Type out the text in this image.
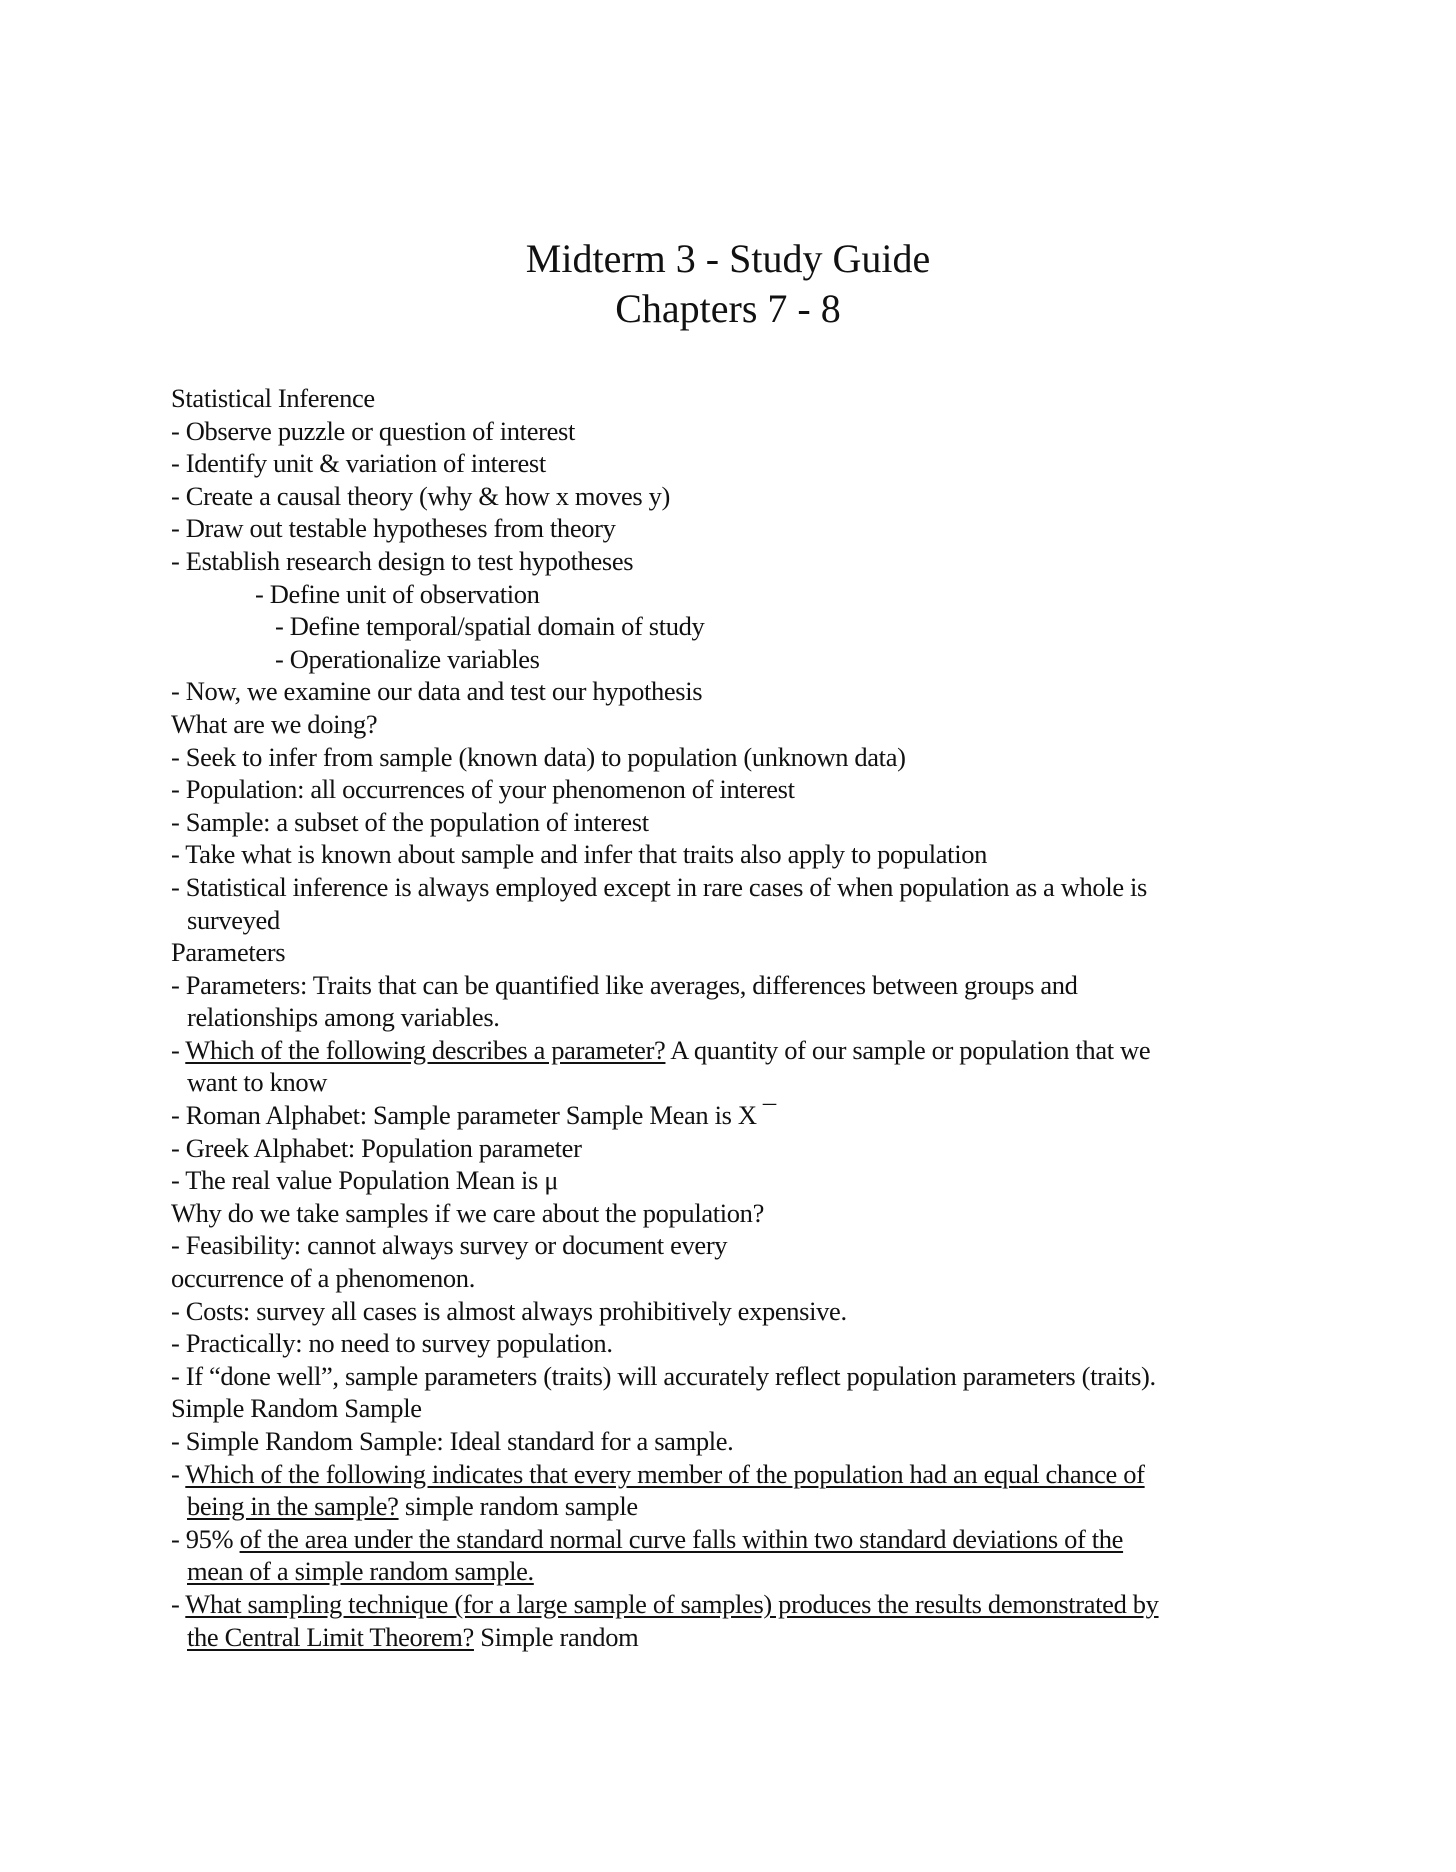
Midterm 3 - Study Guide
Chapters 7 - 8

Statistical Inference

- Observe puzzle or question of interest

- Identify unit & variation of interest

- Create a causal theory (why & how x moves y)

- Draw out testable hypotheses from theory

- Establish research design to test hypotheses

- Define unit of observation

- Define temporal/spatial domain of study

- Operationalize variables

- Now, we examine our data and test our hypothesis

What are we doing?

- Seek to infer from sample (known data) to population (unknown data)

- Population: all occurrences of your phenomenon of interest

- Sample: a subset of the population of interest

- Take what is known about sample and infer that traits also apply to population

- Statistical inference is always employed except in rare cases of when population as a whole is

surveyed

Parameters

- Parameters: Traits that can be quantified like averages, differences between groups and

relationships among variables.

- Which of the following describes a parameter? A quantity of our sample or population that we

want to know

- Roman Alphabet: Sample parameter Sample Mean is X ¯

- Greek Alphabet: Population parameter

- The real value Population Mean is μ

Why do we take samples if we care about the population?

- Feasibility: cannot always survey or document every

occurrence of a phenomenon.

- Costs: survey all cases is almost always prohibitively expensive.

- Practically: no need to survey population.

- If “done well”, sample parameters (traits) will accurately reflect population parameters (traits).

Simple Random Sample

- Simple Random Sample: Ideal standard for a sample.

- Which of the following indicates that every member of the population had an equal chance of

being in the sample? simple random sample

- 95% of the area under the standard normal curve falls within two standard deviations of the

mean of a simple random sample.

- What sampling technique (for a large sample of samples) produces the results demonstrated by

the Central Limit Theorem? Simple random
